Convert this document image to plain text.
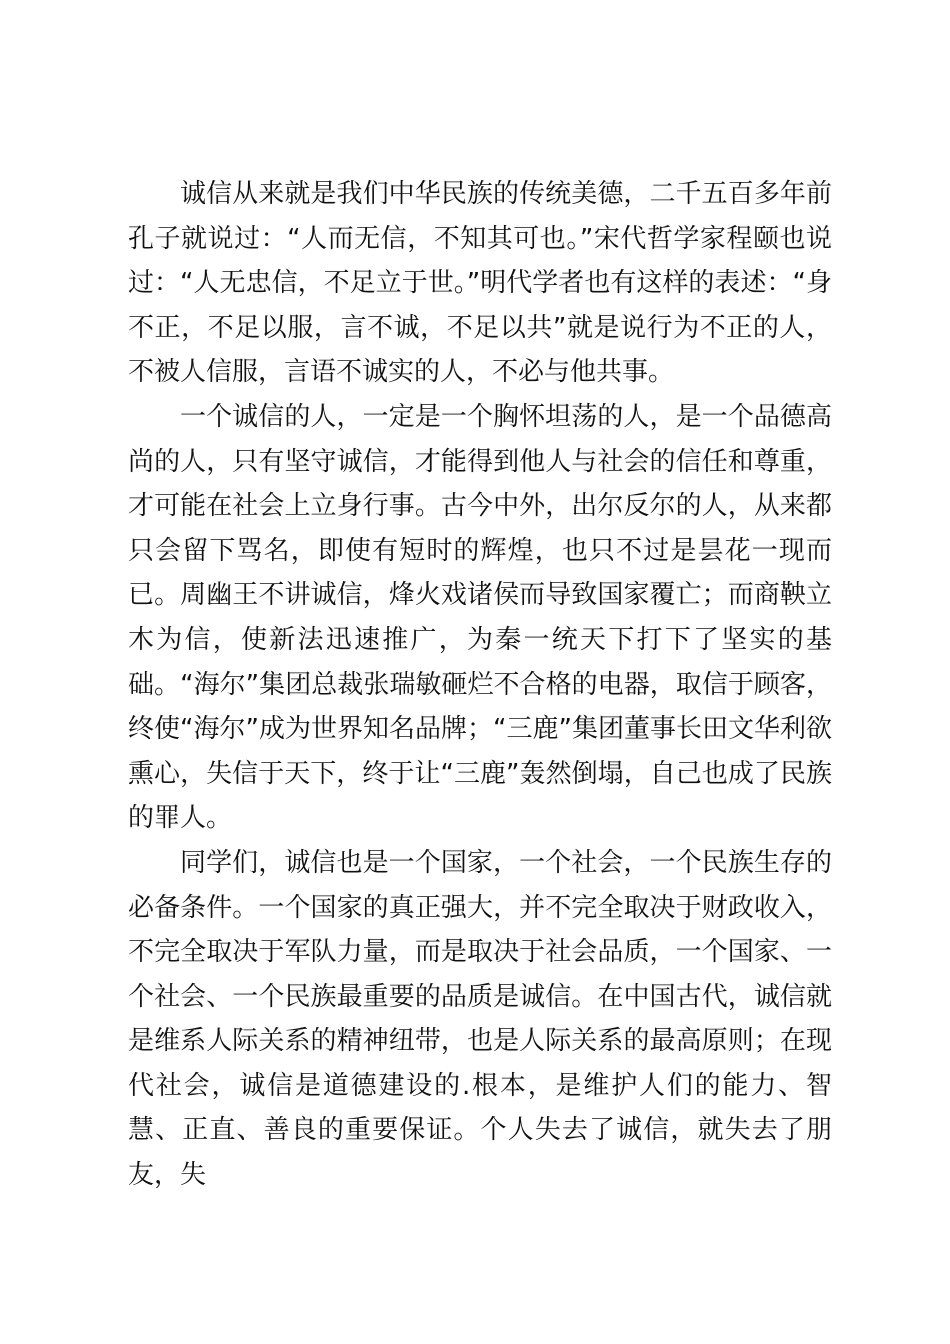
诚信从来就是我们中华民族的传统美德，二千五百多年前孔子就说过：“人而无信，不知其可也。”宋代哲学家程颐也说过：“人无忠信，不足立于世。”明代学者也有这样的表述：“身不正，不足以服，言不诚，不足以共”就是说行为不正的人，不被人信服，言语不诚实的人，不必与他共事。

一个诚信的人，一定是一个胸怀坦荡的人，是一个品德高尚的人，只有坚守诚信，才能得到他人与社会的信任和尊重，才可能在社会上立身行事。古今中外，出尔反尔的人，从来都只会留下骂名，即使有短时的辉煌，也只不过是昙花一现而已。周幽王不讲诚信，烽火戏诸侯而导致国家覆亡；而商鞅立木为信，使新法迅速推广，为秦一统天下打下了坚实的基础。“海尔”集团总裁张瑞敏砸烂不合格的电器，取信于顾客，终使“海尔”成为世界知名品牌；“三鹿”集团董事长田文华利欲熏心，失信于天下，终于让“三鹿”轰然倒塌，自己也成了民族的罪人。

同学们，诚信也是一个国家，一个社会，一个民族生存的必备条件。一个国家的真正强大，并不完全取决于财政收入，不完全取决于军队力量，而是取决于社会品质，一个国家、一个社会、一个民族最重要的品质是诚信。在中国古代，诚信就是维系人际关系的精神纽带，也是人际关系的最高原则；在现代社会，诚信是道德建设的.根本，是维护人们的能力、智慧、正直、善良的重要保证。个人失去了诚信，就失去了朋友，失
